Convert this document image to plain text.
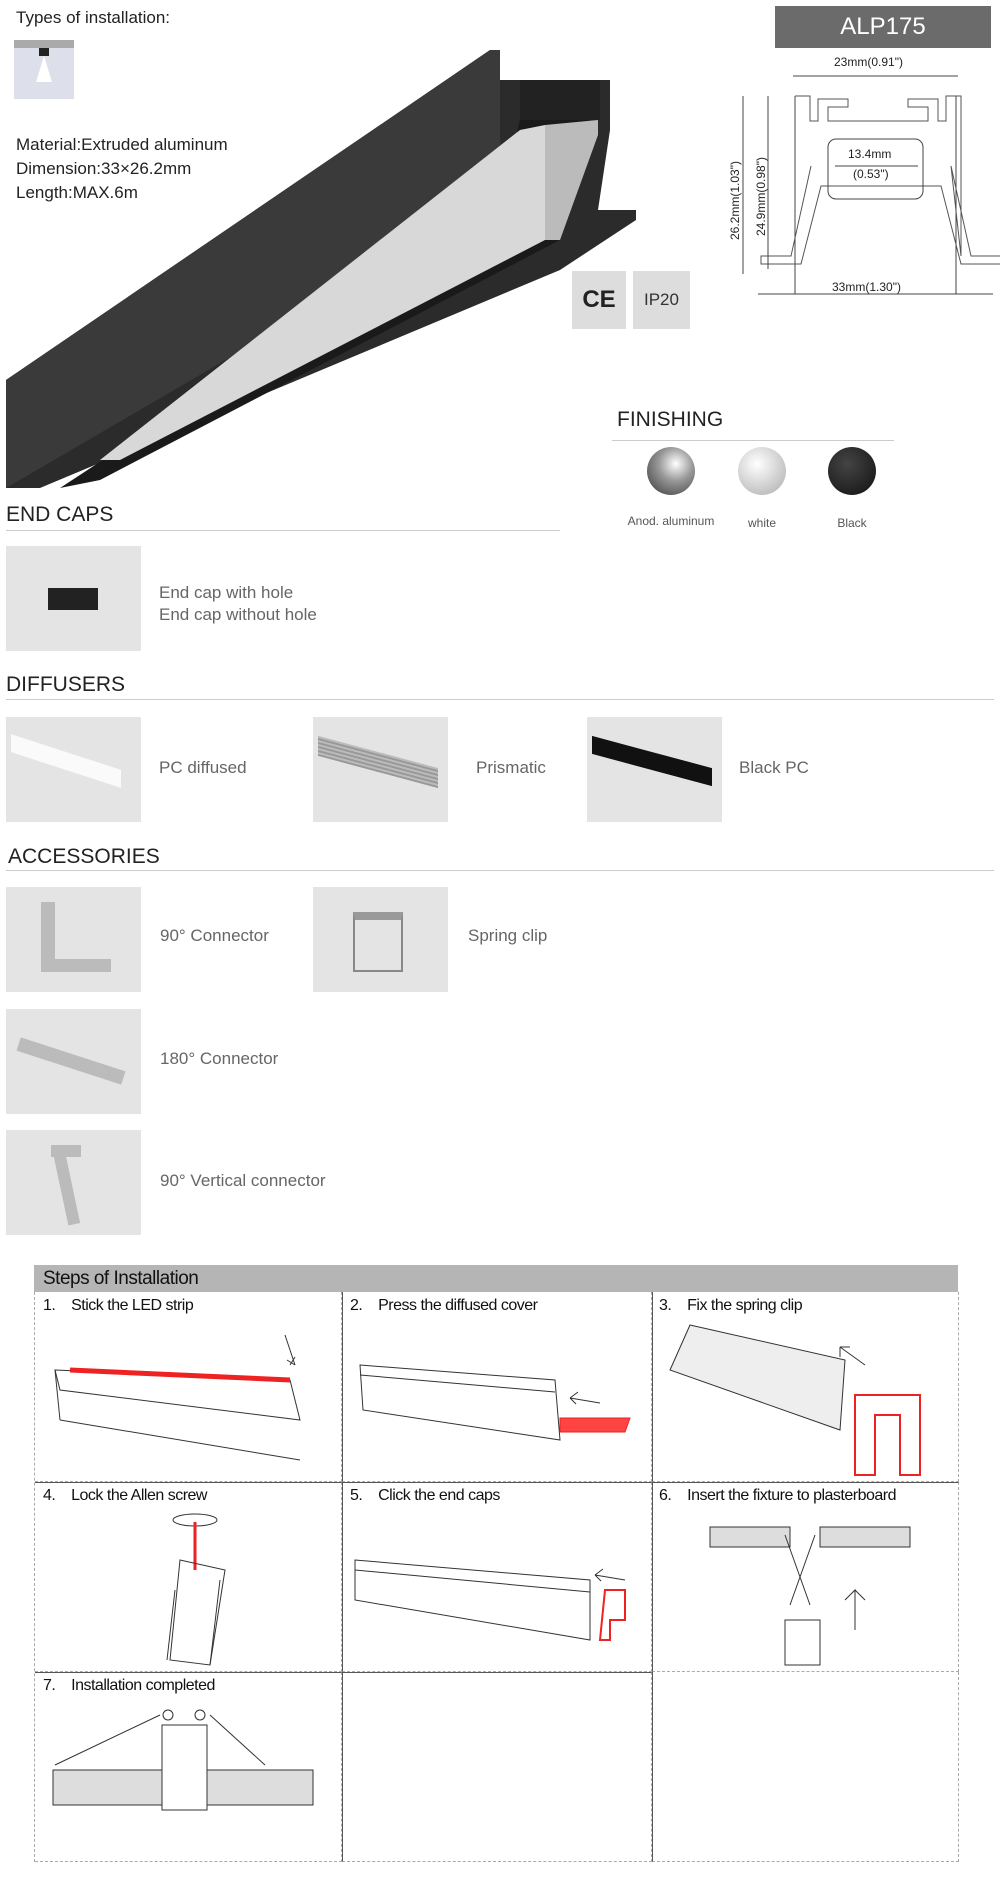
Types of installation:
Material:Extruded aluminum
Dimension:33×26.2mm
Length:MAX.6m
CE	IP20
ALP175
23mm(0.91")
13.4mm
(0.53")
26.2mm(1.03") 24.9mm(0.98")
33mm(1.30")
FINISHING
Anod. aluminum	white	Black
END CAPS
End cap with hole
End cap without hole
DIFFUSERS
PC diffused	Prismatic	Black PC
ACCESSORIES
90° Connector	Spring clip
180° Connector
90° Vertical connector
Steps of Installation
1. Stick the LED strip	2. Press the diffused cover	3. Fix the spring clip
4. Lock the Allen screw	5. Click the end caps	6. Insert the fixture to plasterboard
7. Installation completed
